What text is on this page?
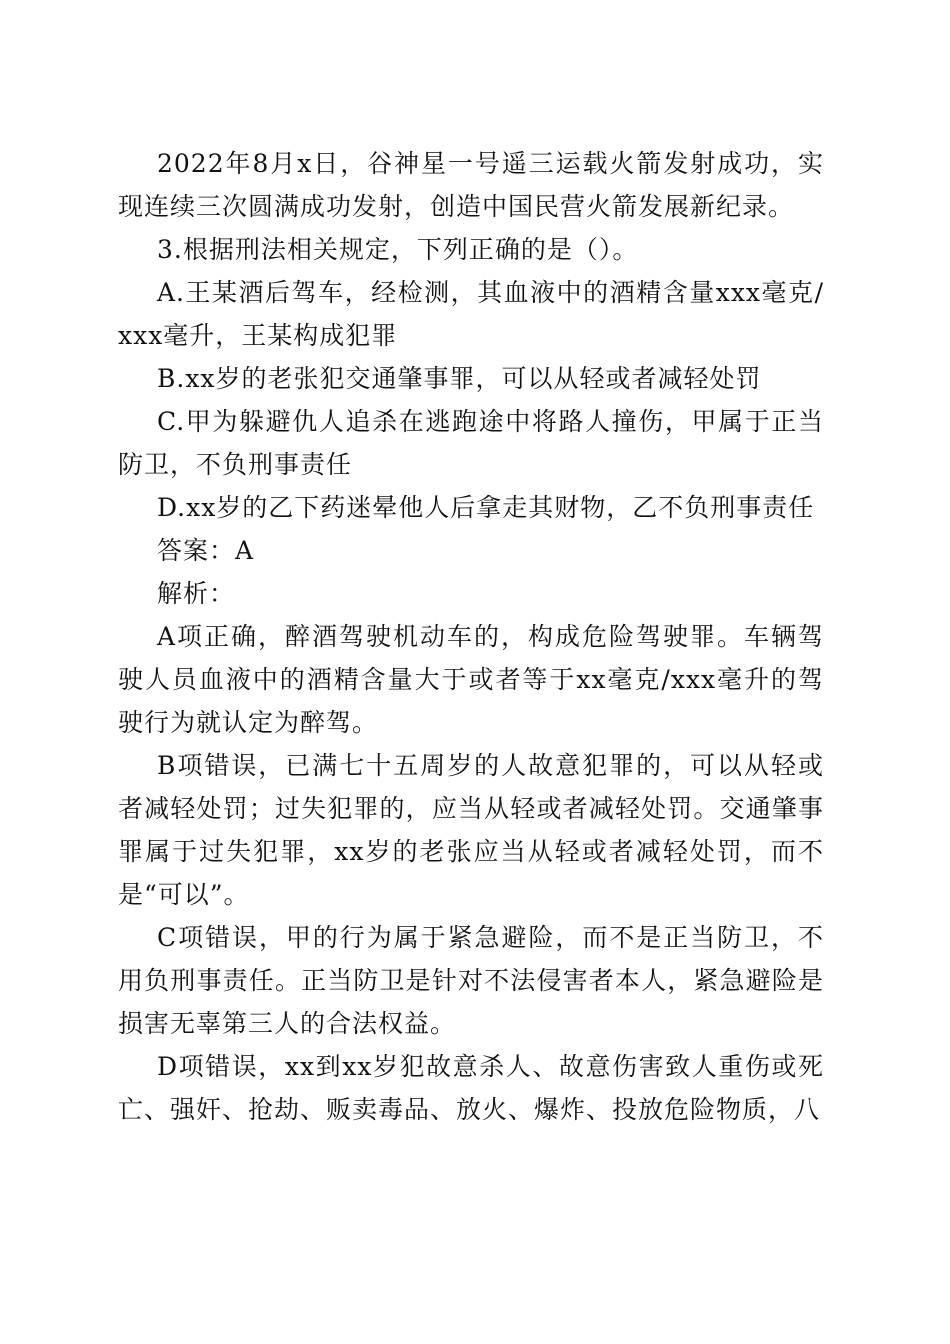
2022年8月x日，谷神星一号遥三运载火箭发射成功，实现连续三次圆满成功发射，创造中国民营火箭发展新纪录。

3.根据刑法相关规定，下列正确的是（）。

A.王某酒后驾车，经检测，其血液中的酒精含量xxx毫克/xxx毫升，王某构成犯罪

B.xx岁的老张犯交通肇事罪，可以从轻或者减轻处罚

C.甲为躲避仇人追杀在逃跑途中将路人撞伤，甲属于正当防卫，不负刑事责任

D.xx岁的乙下药迷晕他人后拿走其财物，乙不负刑事责任

答案：A

解析：

A项正确，醉酒驾驶机动车的，构成危险驾驶罪。车辆驾驶人员血液中的酒精含量大于或者等于xx毫克/xxx毫升的驾驶行为就认定为醉驾。

B项错误，已满七十五周岁的人故意犯罪的，可以从轻或者减轻处罚；过失犯罪的，应当从轻或者减轻处罚。交通肇事罪属于过失犯罪，xx岁的老张应当从轻或者减轻处罚，而不是“可以”。

C项错误，甲的行为属于紧急避险，而不是正当防卫，不用负刑事责任。正当防卫是针对不法侵害者本人，紧急避险是损害无辜第三人的合法权益。

D项错误，xx到xx岁犯故意杀人、故意伤害致人重伤或死亡、强奸、抢劫、贩卖毒品、放火、爆炸、投放危险物质，八
